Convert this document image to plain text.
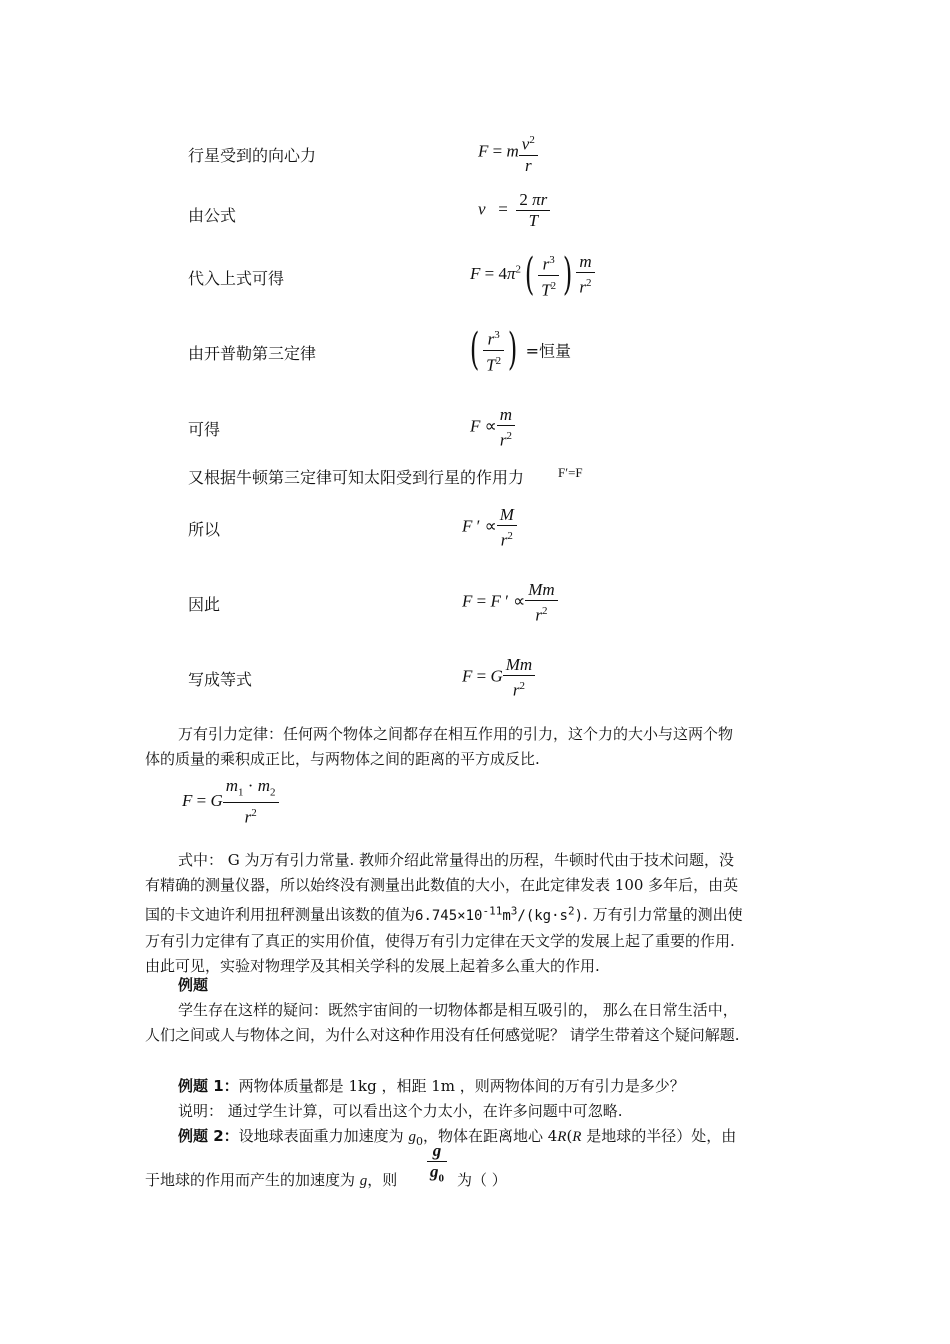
行星受到的向心力	F = m $\frac{v^2}{r}$
由公式	$v = \frac{2 \pi r}{T}$
代入上式可得	$F = 4\pi^2( \frac{r^3}{T^2}$ ) $\frac{m}{r^2}$
由开普勒第三定律	( $\frac{r^3}{T^2}$ ) =恒量
可得	$F \propto \frac{m}{r^2}$
又根据牛顿第三定律可知太阳受到行星的作用力	F′=F
所以	F ′ ∝ $\frac{M}{r^2}$
因此	F = F ′ ∝ $\frac{Mm}{r^2}$
写成等式	F = G $\frac{Mm}{r^2}$
万有引力定律：任何两个物体之间都存在相互作用的引力，这个力的大小与这两个物
体的质量的乘积成正比，与两物体之间的距离的平方成反比.
F = G $\frac{m_1 \cdot m_2}{r^2}$
式中： G 为万有引力常量. 教师介绍此常量得出的历程，牛顿时代由于技术问题，没
有精确的测量仪器，所以始终没有测量出此数值的大小，在此定律发表 100 多年后，由英
国的卡文迪许利用扭秤测量出该数的值为$6.745\times 10^{-11}m^3/(kg\cdot s^2)$. 万有引力常量的测出使
万有引力定律有了真正的实用价值，使得万有引力定律在天文学的发展上起了重要的作用.
由此可见，实验对物理学及其相关学科的发展上起着多么重大的作用.
例题
学生存在这样的疑问：既然宇宙间的一切物体都是相互吸引的， 那么在日常生活中，
人们之间或人与物体之间，为什么对这种作用没有任何感觉呢？ 请学生带着这个疑问解题.
例题 1：两物体质量都是 1kg ，相距 1m ，则两物体间的万有引力是多少？
说明： 通过学生计算，可以看出这个力太小，在许多问题中可忽略.
例题 2：设地球表面重力加速度为 $g_0$，物体在距离地心 4R(R 是地球的半径）处，由
于地球的作用而产生的加速度为 g，则 $\frac{g}{g_0}$ 为（ ）
